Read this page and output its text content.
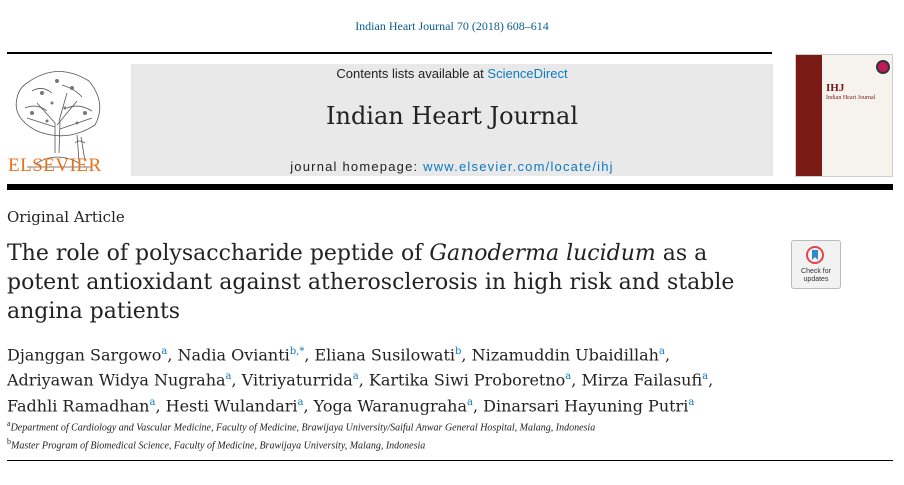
Indian Heart Journal 70 (2018) 608–614
ELSEVIER
Contents lists available at ScienceDirect
Indian Heart Journal
journal homepage: www.elsevier.com/locate/ihj
IHJ
Indian Heart Journal
Original Article
The role of polysaccharide peptide of Ganoderma lucidum as a potent antioxidant against atherosclerosis in high risk and stable angina patients
Check for
updates
Djanggan Sargowo$^a$, Nadia Ovianti$^{b,*}$, Eliana Susilowati$^b$, Nizamuddin Ubaidillah$^a$,
Adriyawan Widya Nugraha$^a$, Vitriyaturrida$^a$, Kartika Siwi Proboretno$^a$, Mirza Failasufi$^a$,
Fadhli Ramadhan$^a$, Hesti Wulandari$^a$, Yoga Waranugraha$^a$, Dinarsari Hayuning Putri$^a$
$^a$Department of Cardiology and Vascular Medicine, Faculty of Medicine, Brawijaya University/Saiful Anwar General Hospital, Malang, Indonesia
$^b$Master Program of Biomedical Science, Faculty of Medicine, Brawijaya University, Malang, Indonesia
